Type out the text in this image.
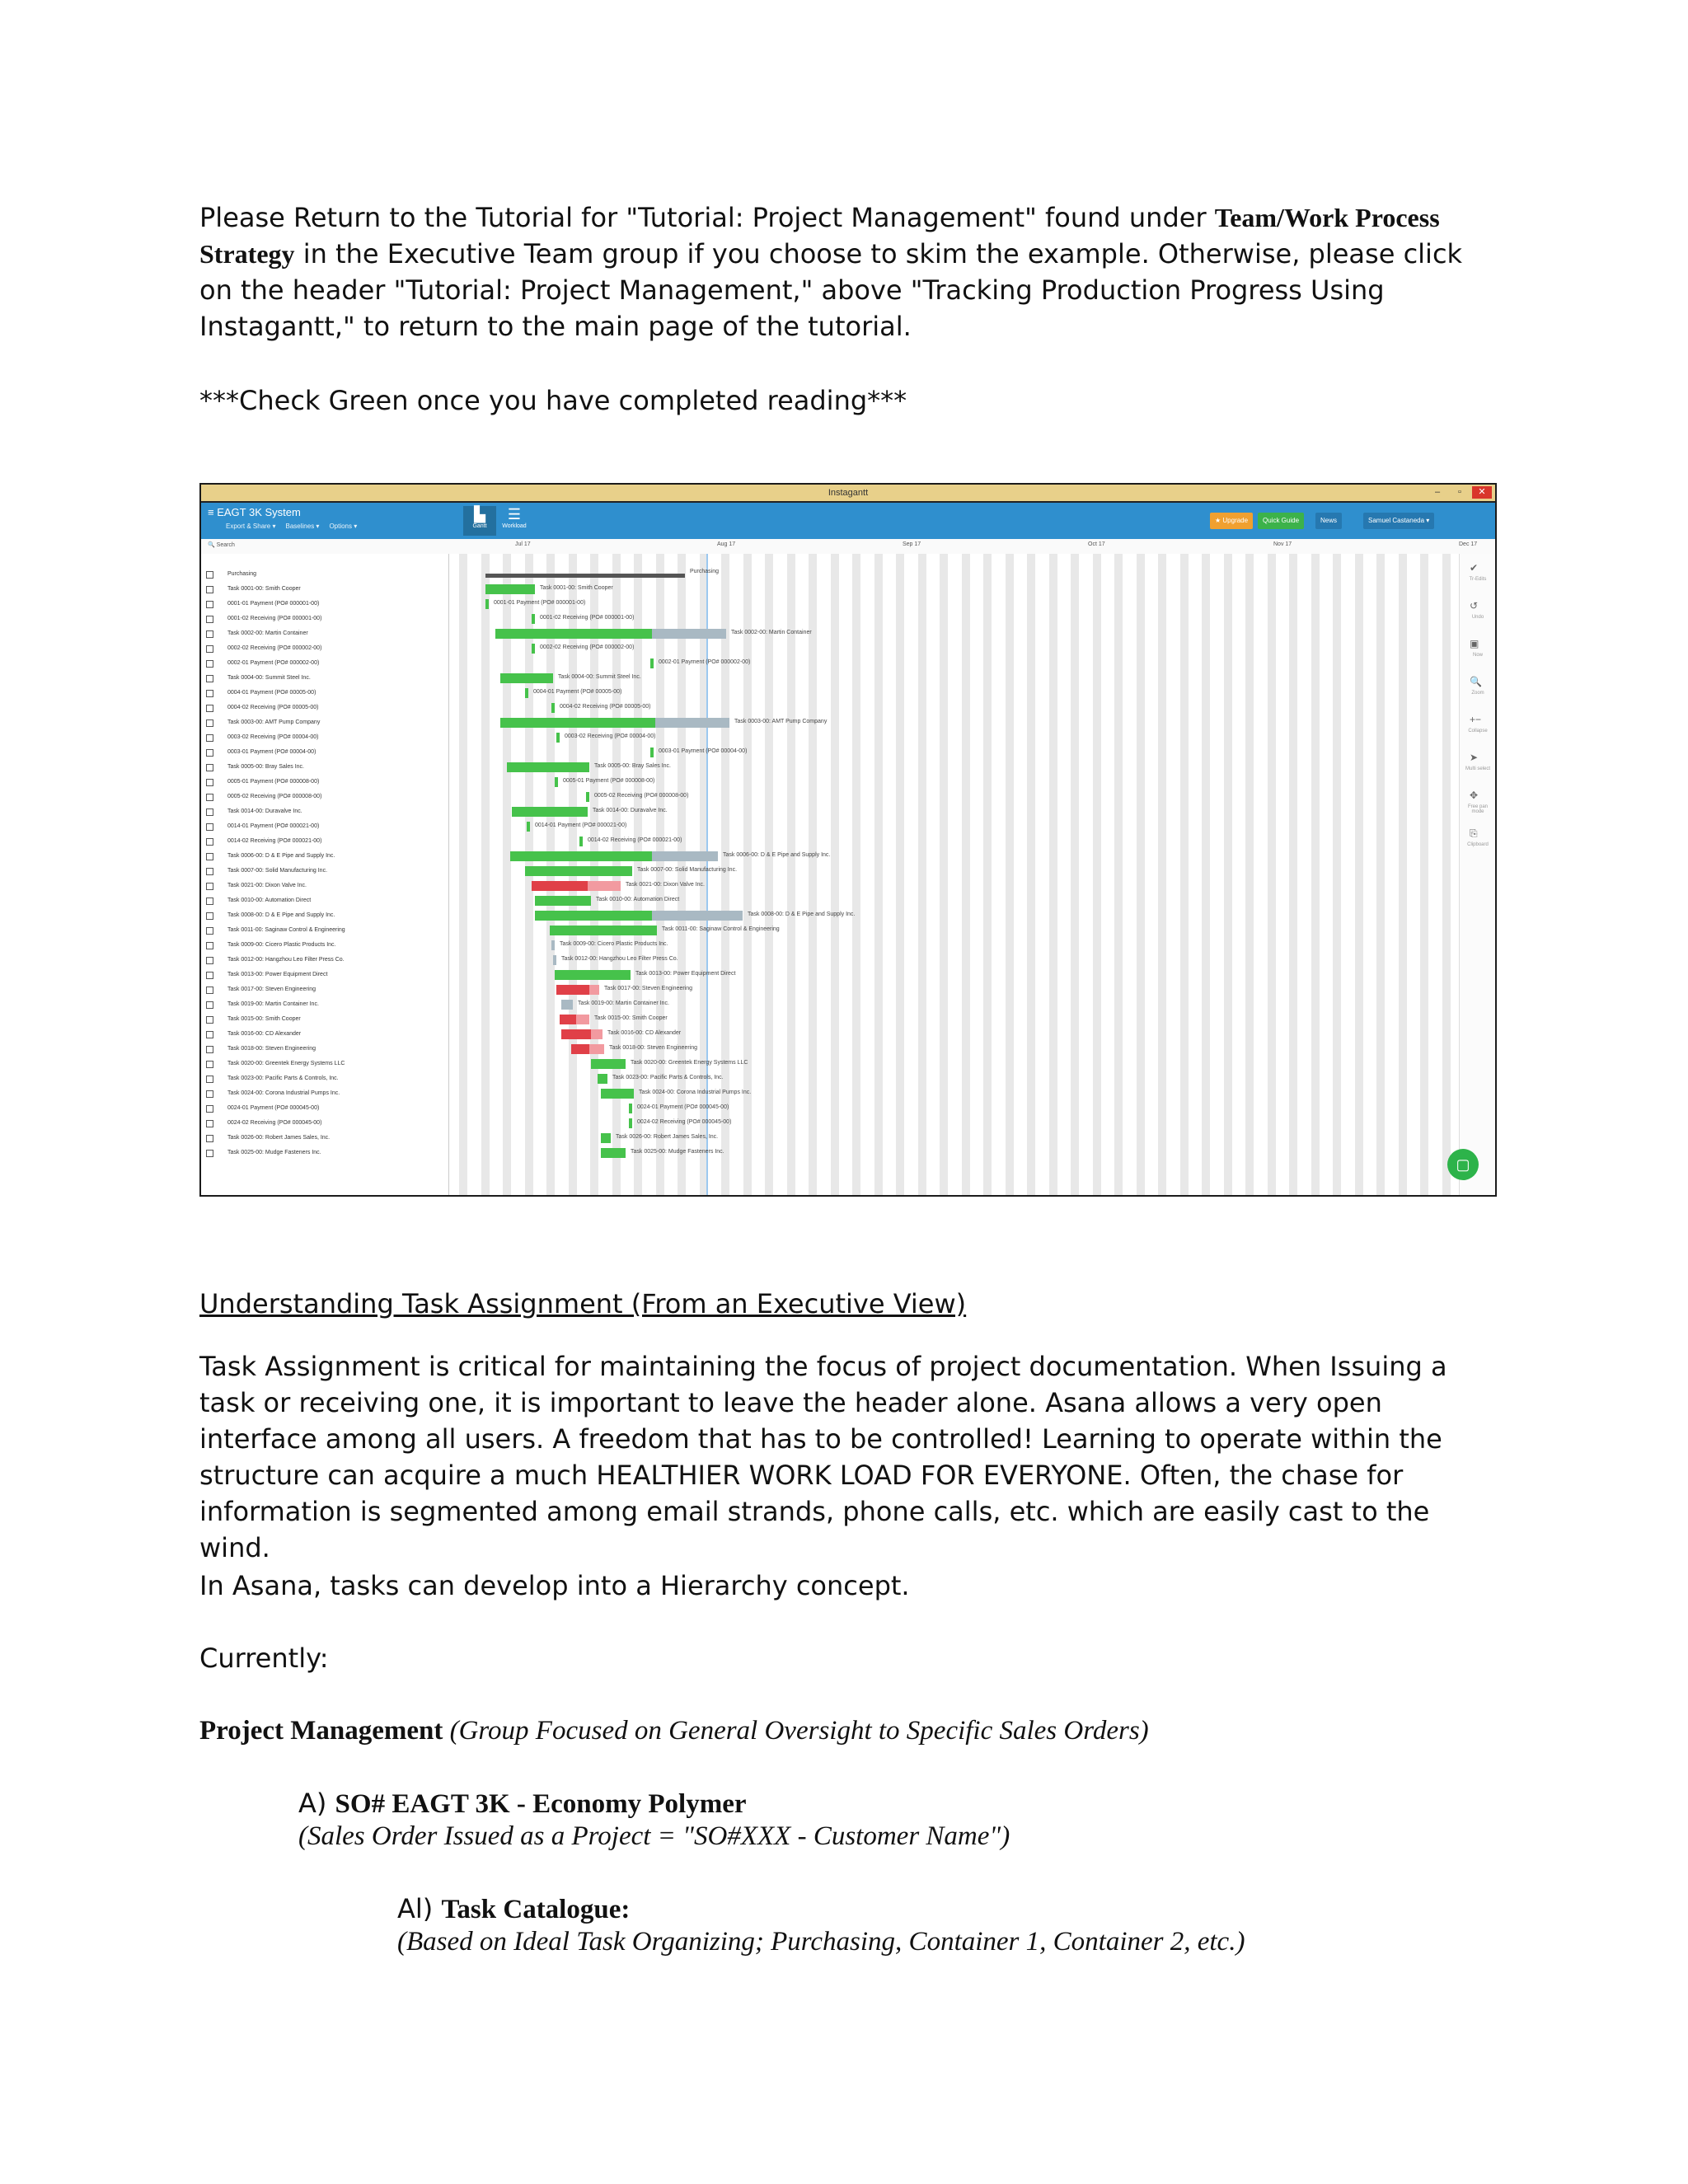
Please Return to the Tutorial for "Tutorial: Project Management" found under Team/Work Process Strategy in the Executive Team group if you choose to skim the example. Otherwise, please click on the header "Tutorial: Project Management," above "Tracking Production Progress Using Instagantt," to return to the main page of the tutorial.

***Check Green once you have completed reading***

Instagantt	–	▫	✕
≡ EAGT 3K System
Export & Share ▾ Baselines ▾ Options ▾
▙
Gantt
☰
Workload
★ Upgrade	Quick Guide	News	Samuel Castaneda ▾
🔍 Search	Jul 17	Aug 17	Sep 17	Oct 17	Nov 17	Dec 17
Purchasing
Task 0001-00: Smith Cooper
0001-01 Payment (PO# 000001-00)
0001-02 Receiving (PO# 000001-00)
Task 0002-00: Martin Container
0002-02 Receiving (PO# 000002-00)
0002-01 Payment (PO# 000002-00)
Task 0004-00: Summit Steel Inc.
0004-01 Payment (PO# 00005-00)
0004-02 Receiving (PO# 00005-00)
Task 0003-00: AMT Pump Company
0003-02 Receiving (PO# 00004-00)
0003-01 Payment (PO# 00004-00)
Task 0005-00: Bray Sales Inc.
0005-01 Payment (PO# 000008-00)
0005-02 Receiving (PO# 000008-00)
Task 0014-00: Duravalve Inc.
0014-01 Payment (PO# 000021-00)
0014-02 Receiving (PO# 000021-00)
Task 0006-00: D & E Pipe and Supply Inc.
Task 0007-00: Solid Manufacturing Inc.
Task 0021-00: Dixon Valve Inc.
Task 0010-00: Automation Direct
Task 0008-00: D & E Pipe and Supply Inc.
Task 0011-00: Saginaw Control & Engineering
Task 0009-00: Cicero Plastic Products Inc.
Task 0012-00: Hangzhou Leo Filter Press Co.
Task 0013-00: Power Equipment Direct
Task 0017-00: Steven Engineering
Task 0019-00: Martin Container Inc.
Task 0015-00: Smith Cooper
Task 0016-00: CD Alexander
Task 0018-00: Steven Engineering
Task 0020-00: Greentek Energy Systems LLC
Task 0023-00: Pacific Parts & Controls, Inc.
Task 0024-00: Corona Industrial Pumps Inc.
0024-01 Payment (PO# 000045-00)
0024-02 Receiving (PO# 000045-00)
Task 0026-00: Robert James Sales, Inc.
Task 0025-00: Mudge Fasteners Inc.
Purchasing
Task 0001-00: Smith Cooper
0001-01 Payment (PO# 000001-00)
0001-02 Receiving (PO# 000001-00)
Task 0002-00: Martin Container
0002-02 Receiving (PO# 000002-00)
0002-01 Payment (PO# 000002-00)
Task 0004-00: Summit Steel Inc.
0004-01 Payment (PO# 00005-00)
0004-02 Receiving (PO# 00005-00)
Task 0003-00: AMT Pump Company
0003-02 Receiving (PO# 00004-00)
0003-01 Payment (PO# 00004-00)
Task 0005-00: Bray Sales Inc.
0005-01 Payment (PO# 000008-00)
0005-02 Receiving (PO# 000008-00)
Task 0014-00: Duravalve Inc.
0014-01 Payment (PO# 000021-00)
0014-02 Receiving (PO# 000021-00)
Task 0006-00: D & E Pipe and Supply Inc.
Task 0007-00: Solid Manufacturing Inc.
Task 0021-00: Dixon Valve Inc.
Task 0010-00: Automation Direct
Task 0008-00: D & E Pipe and Supply Inc.
Task 0011-00: Saginaw Control & Engineering
Task 0009-00: Cicero Plastic Products Inc.
Task 0012-00: Hangzhou Leo Filter Press Co.
Task 0013-00: Power Equipment Direct
Task 0017-00: Steven Engineering
Task 0019-00: Martin Container Inc.
Task 0015-00: Smith Cooper
Task 0016-00: CD Alexander
Task 0018-00: Steven Engineering
Task 0020-00: Greentek Energy Systems LLC
Task 0023-00: Pacific Parts & Controls, Inc.
Task 0024-00: Corona Industrial Pumps Inc.
0024-01 Payment (PO# 000045-00)
0024-02 Receiving (PO# 000045-00)
Task 0026-00: Robert James Sales, Inc.
Task 0025-00: Mudge Fasteners Inc.
✔
Tr-Edits
↺
Undo
▣
Now
🔍
Zoom
+−
Collapse
➤
Multi select
✥
Free pan mode
⎘
Clipboard
▢

Understanding Task Assignment (From an Executive View)

Task Assignment is critical for maintaining the focus of project documentation. When Issuing a task or receiving one, it is important to leave the header alone. Asana allows a very open interface among all users. A freedom that has to be controlled! Learning to operate within the structure can acquire a much HEALTHIER WORK LOAD FOR EVERYONE. Often, the chase for information is segmented among email strands, phone calls, etc. which are easily cast to the wind.

In Asana, tasks can develop into a Hierarchy concept.

Currently:

Project Management (Group Focused on General Oversight to Specific Sales Orders)

A) SO# EAGT 3K - Economy Polymer

(Sales Order Issued as a Project = "SO#XXX - Customer Name")

Al) Task Catalogue:

(Based on Ideal Task Organizing; Purchasing, Container 1, Container 2, etc.)
